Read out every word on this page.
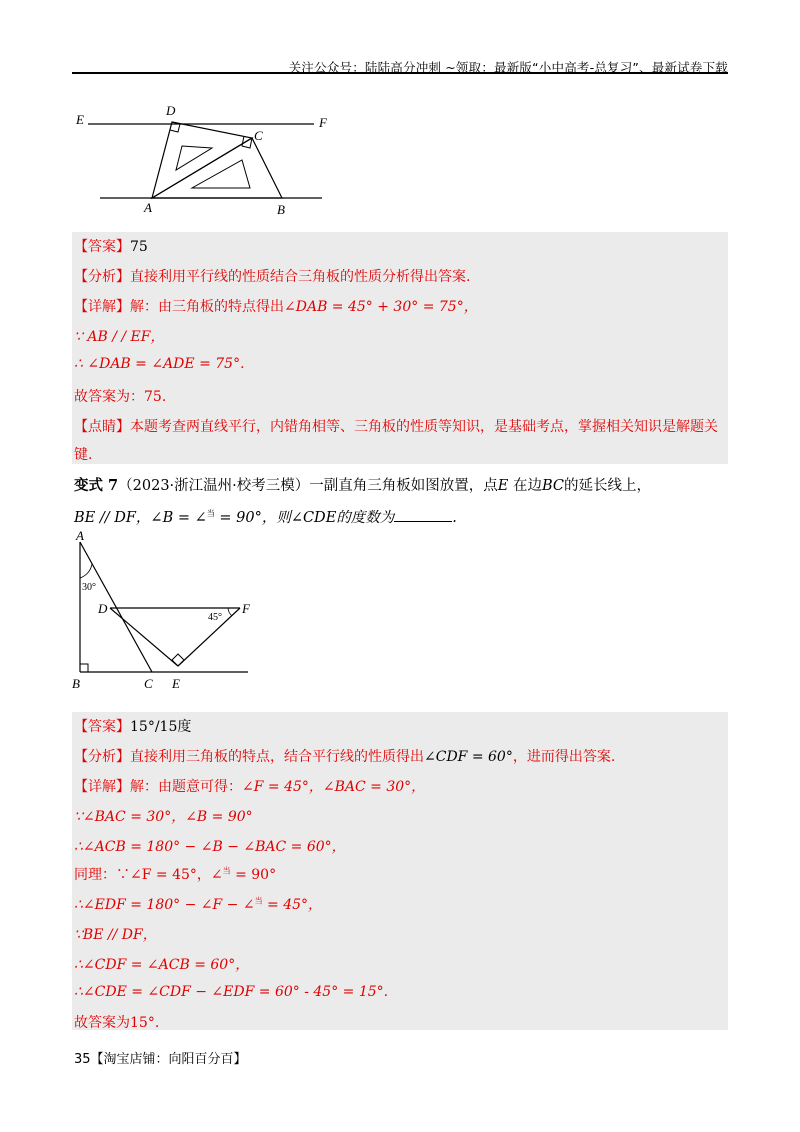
关注公众号：陆陆高分冲刺 ~领取：最新版“小中高考-总复习”、最新试卷下载
E	F
D
C
A	B
【答案】75
【分析】直接利用平行线的性质结合三角板的性质分析得出答案.
【详解】解：由三角板的特点得出∠DAB = 45° + 30° = 75°，
∵ AB / / EF，
∴ ∠DAB = ∠ADE = 75°.
故答案为：75.
【点睛】本题考查两直线平行，内错角相等、三角板的性质等知识，是基础考点，掌握相关知识是解题关
键.
变式 7（2023·浙江温州·校考三模）一副直角三角板如图放置，点E 在边BC的延长线上，
BE // DF，∠B = ∠$^当$ = 90°，则∠CDE的度数为	.
A
B	C E
D	F
30°
45°
【答案】15°/15度
【分析】直接利用三角板的特点，结合平行线的性质得出∠CDF = 60°，进而得出答案.
【详解】解：由题意可得：∠F = 45°，∠BAC = 30°，
∵∠BAC = 30°，∠B = 90°
∴∠ACB = 180° − ∠B − ∠BAC = 60°，
同理：∵∠F = 45°，∠$^当$ = 90°
∴∠EDF = 180° − ∠F − ∠$^当$ = 45°，
∵BE // DF，
∴∠CDF = ∠ACB = 60°，
∴∠CDE = ∠CDF − ∠EDF = 60° - 45° = 15°.
故答案为15°.
35【淘宝店铺：向阳百分百】
